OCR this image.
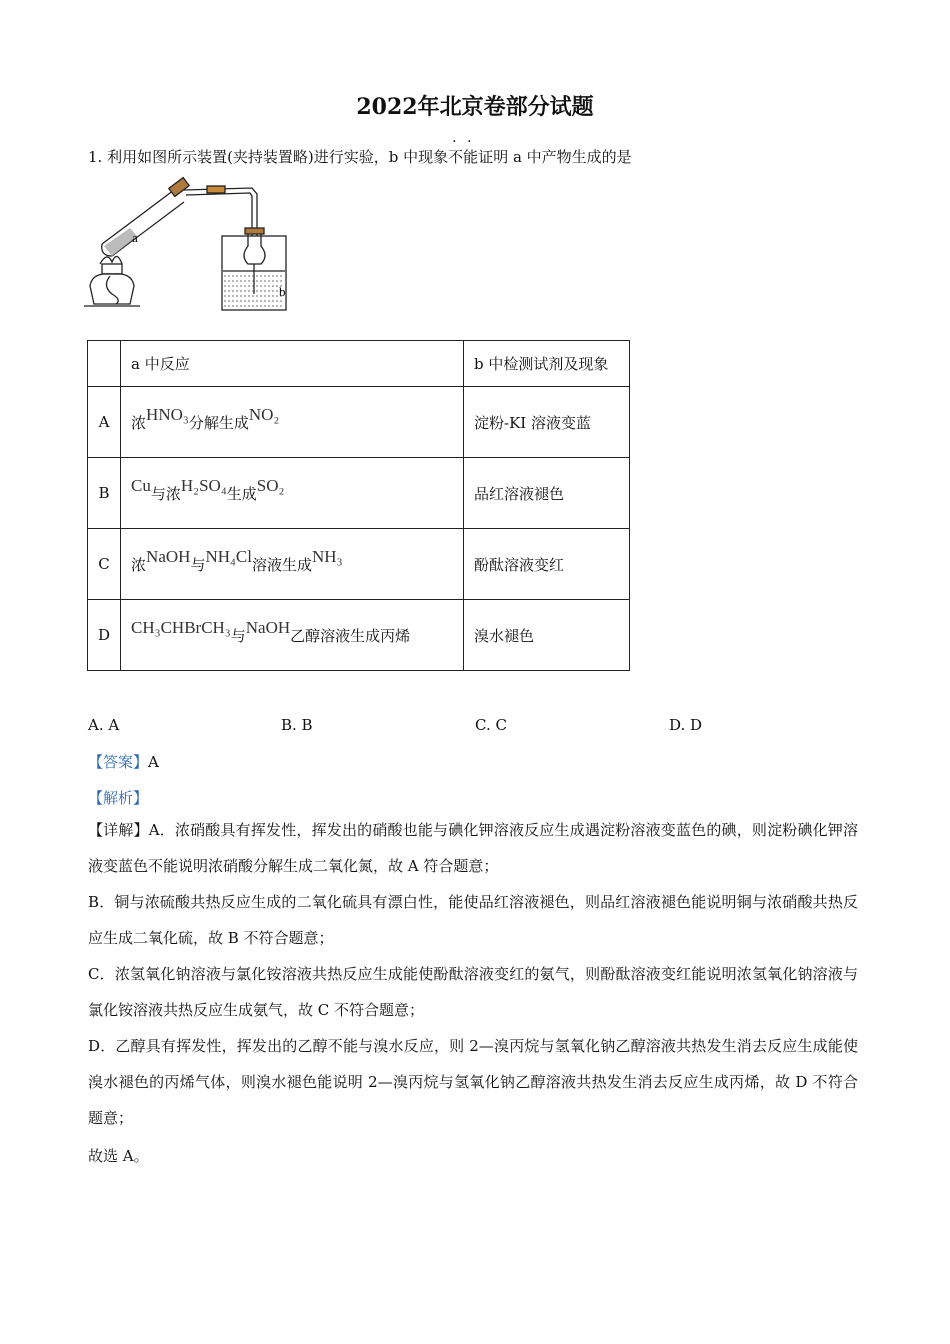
2022年北京卷部分试题
1. 利用如图所示装置(夹持装置略)进行实验，b 中现象不能证明 a 中产物生成的是
a
b
	a 中反应	b 中检测试剂及现象
A	浓HNO₃分解生成NO₂	淀粉-KI 溶液变蓝
B	Cu与浓H₂SO₄生成SO₂	品红溶液褪色
C	浓NaOH与NH₄Cl溶液生成NH₃	酚酞溶液变红
D	CH₃CHBrCH₃与NaOH乙醇溶液生成丙烯	溴水褪色
A. A	B. B	C. C	D. D
【答案】A
【解析】
【详解】A．浓硝酸具有挥发性，挥发出的硝酸也能与碘化钾溶液反应生成遇淀粉溶液变蓝色的碘，则淀粉碘化钾溶液变蓝色不能说明浓硝酸分解生成二氧化氮，故 A 符合题意；
B．铜与浓硫酸共热反应生成的二氧化硫具有漂白性，能使品红溶液褪色，则品红溶液褪色能说明铜与浓硝酸共热反应生成二氧化硫，故 B 不符合题意；
C．浓氢氧化钠溶液与氯化铵溶液共热反应生成能使酚酞溶液变红的氨气，则酚酞溶液变红能说明浓氢氧化钠溶液与氯化铵溶液共热反应生成氨气，故 C 不符合题意；
D．乙醇具有挥发性，挥发出的乙醇不能与溴水反应，则 2—溴丙烷与氢氧化钠乙醇溶液共热发生消去反应生成能使溴水褪色的丙烯气体，则溴水褪色能说明 2—溴丙烷与氢氧化钠乙醇溶液共热发生消去反应生成丙烯，故 D 不符合题意；
故选 A。
